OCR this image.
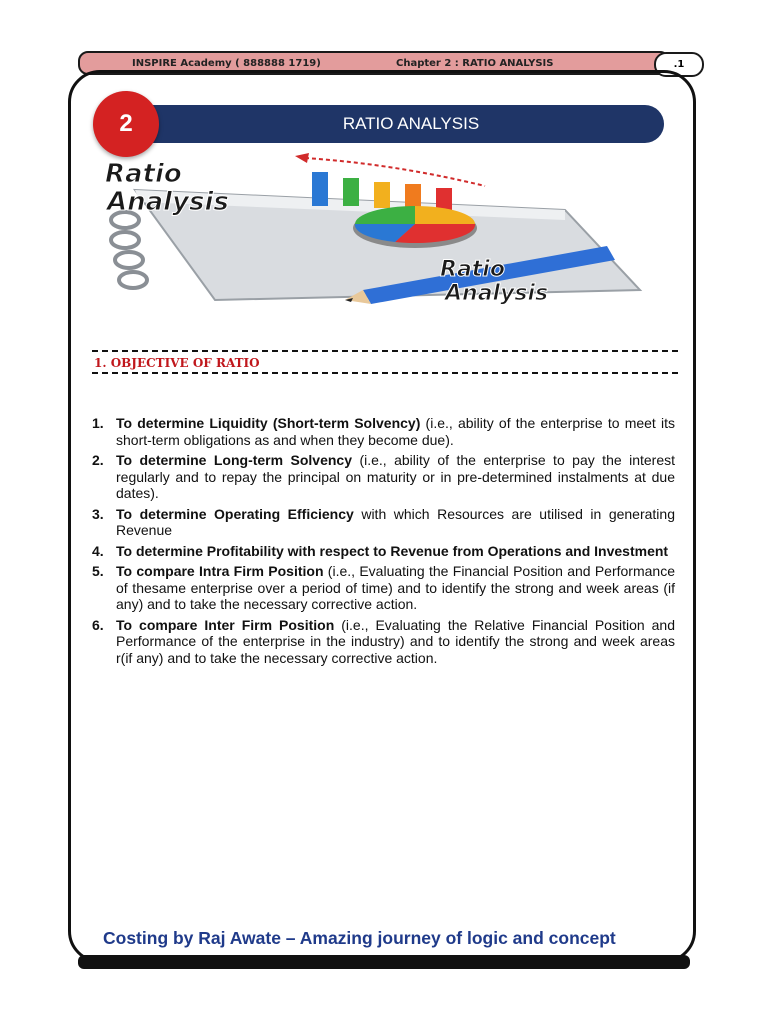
INSPIRE Academy ( 888888 1719)	Chapter 2 : RATIO ANALYSIS	.1
RATIO ANALYSIS
2
Ratio
Analysis
Ratio
Analysis
1. OBJECTIVE OF RATIO
1. To determine Liquidity (Short-term Solvency) (i.e., ability of the enterprise to meet its short-term obligations as and when they become due).
2. To determine Long-term Solvency (i.e., ability of the enterprise to pay the interest regularly and to repay the principal on maturity or in pre-determined instalments at due dates).
3. To determine Operating Efficiency with which Resources are utilised in generating Revenue
4. To determine Profitability with respect to Revenue from Operations and Investment
5. To compare Intra Firm Position (i.e., Evaluating the Financial Position and Performance of thesame enterprise over a period of time) and to identify the strong and week areas (if any) and to take the necessary corrective action.
6. To compare Inter Firm Position (i.e., Evaluating the Relative Financial Position and Performance of the enterprise in the industry) and to identify the strong and week areas r(if any) and to take the necessary corrective action.
Costing by Raj Awate – Amazing journey of logic and concept
